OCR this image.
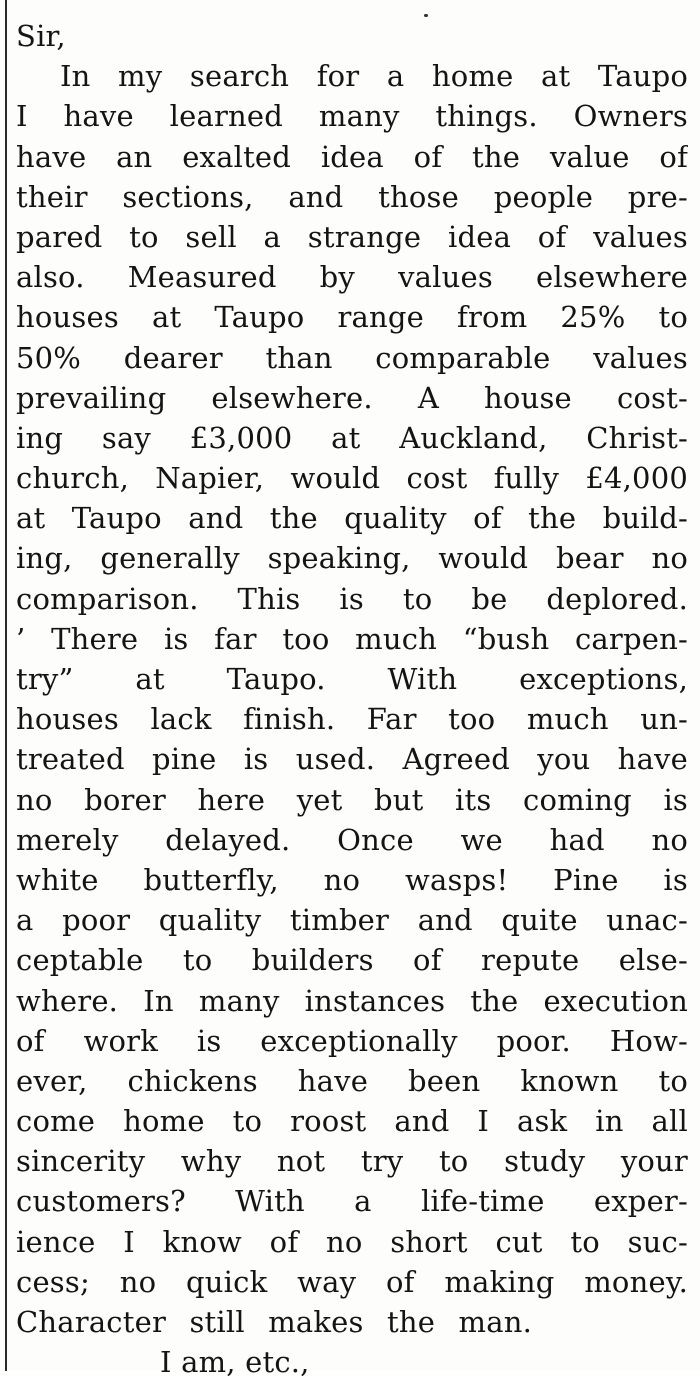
Sir,
In my search for a home at Taupo
I have learned many things. Owners
have an exalted idea of the value of
their sections, and those people pre-
pared to sell a strange idea of values
also. Measured by values elsewhere
houses at Taupo range from 25% to
50% dearer than comparable values
prevailing elsewhere. A house cost-
ing say £3,000 at Auckland, Christ-
church, Napier, would cost fully £4,000
at Taupo and the quality of the build-
ing, generally speaking, would bear no
comparison. This is to be deplored.
’ There is far too much “bush carpen-
try” at Taupo. With exceptions,
houses lack finish. Far too much un-
treated pine is used. Agreed you have
no borer here yet but its coming is
merely delayed. Once we had no
white butterfly, no wasps! Pine is
a poor quality timber and quite unac-
ceptable to builders of repute else-
where. In many instances the execution
of work is exceptionally poor. How-
ever, chickens have been known to
come home to roost and I ask in all
sincerity why not try to study your
customers? With a life-time exper-
ience I know of no short cut to suc-
cess; no quick way of making money.
Character still makes the man.
I am, etc.,
